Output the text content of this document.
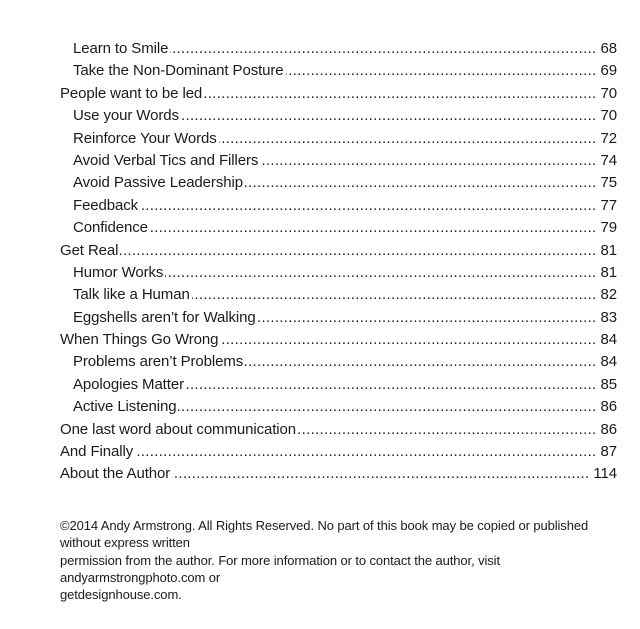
Learn to Smile .....	68
Take the Non-Dominant Posture .....	69
People want to be led .....	70
Use your Words .....	70
Reinforce Your Words .....	72
Avoid Verbal Tics and Fillers .....	74
Avoid Passive Leadership .....	75
Feedback .....	77
Confidence .....	79
Get Real .....	81
Humor Works .....	81
Talk like a Human .....	82
Eggshells aren’t for Walking .....	83
When Things Go Wrong .....	84
Problems aren’t Problems .....	84
Apologies Matter .....	85
Active Listening .....	86
One last word about communication .....	86
And Finally .....	87
About the Author .....	114
©2014 Andy Armstrong. All Rights Reserved. No part of this book may be copied or published without express written
permission from the author. For more information or to contact the author, visit andyarmstrongphoto.com or
getdesignhouse.com.
